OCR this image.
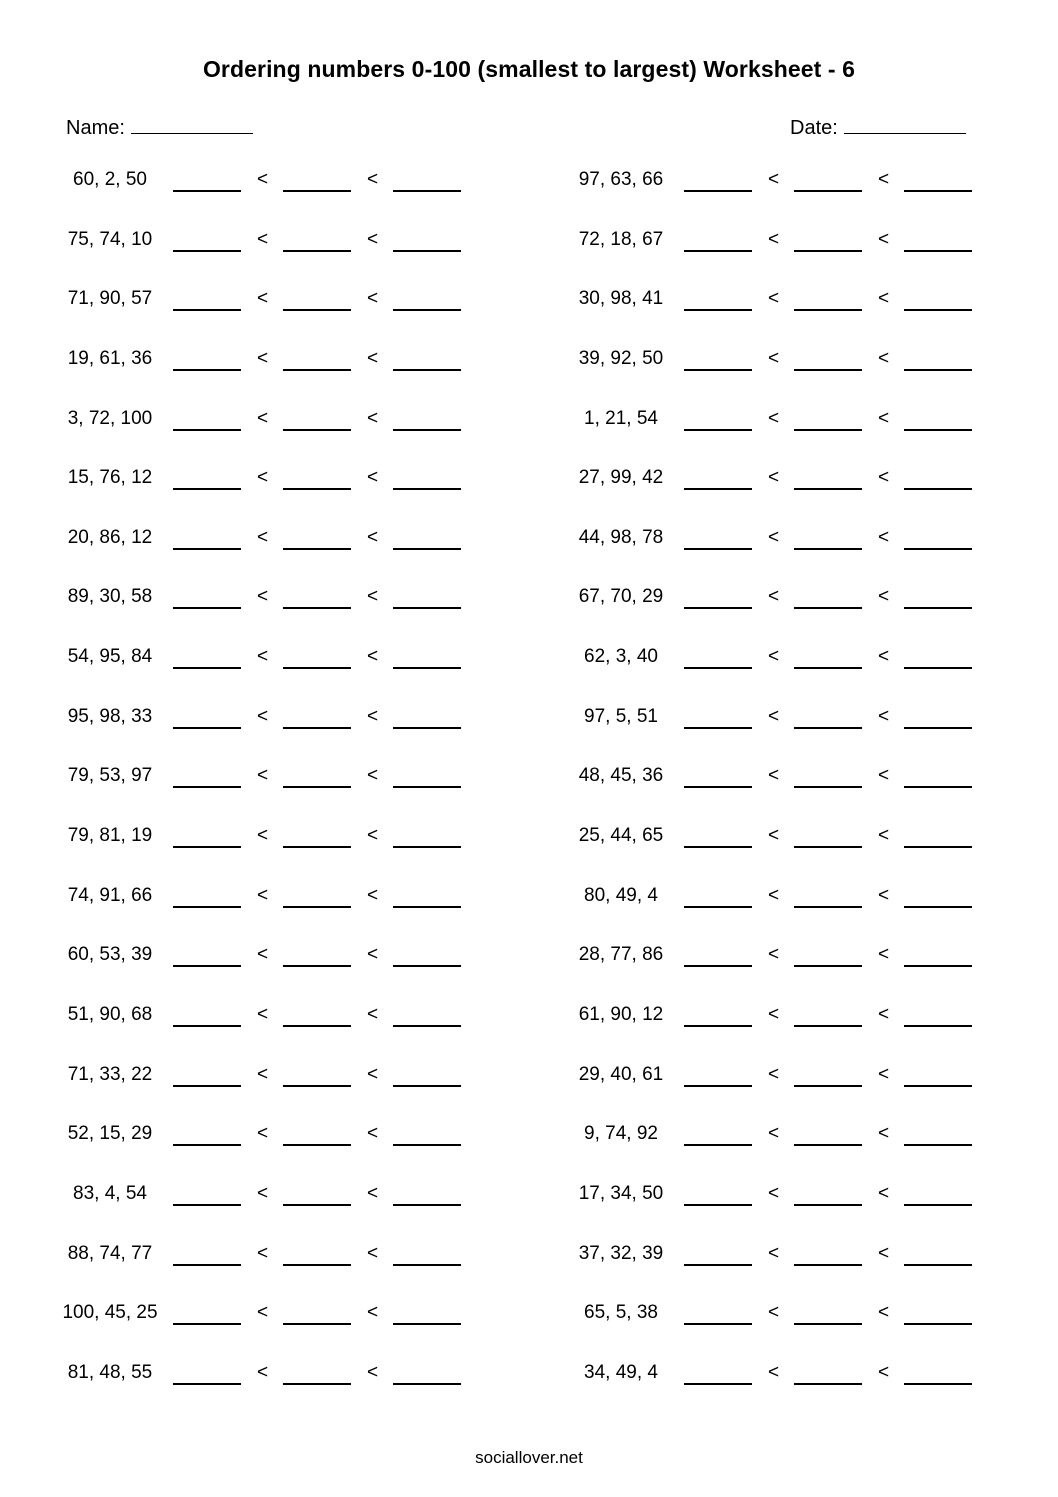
Ordering numbers 0-100 (smallest to largest) Worksheet - 6
Name:	Date:
60, 2, 50	<	<
75, 74, 10	<	<
71, 90, 57	<	<
19, 61, 36	<	<
3, 72, 100	<	<
15, 76, 12	<	<
20, 86, 12	<	<
89, 30, 58	<	<
54, 95, 84	<	<
95, 98, 33	<	<
79, 53, 97	<	<
79, 81, 19	<	<
74, 91, 66	<	<
60, 53, 39	<	<
51, 90, 68	<	<
71, 33, 22	<	<
52, 15, 29	<	<
83, 4, 54	<	<
88, 74, 77	<	<
100, 45, 25	<	<
81, 48, 55	<	<
97, 63, 66	<	<
72, 18, 67	<	<
30, 98, 41	<	<
39, 92, 50	<	<
1, 21, 54	<	<
27, 99, 42	<	<
44, 98, 78	<	<
67, 70, 29	<	<
62, 3, 40	<	<
97, 5, 51	<	<
48, 45, 36	<	<
25, 44, 65	<	<
80, 49, 4	<	<
28, 77, 86	<	<
61, 90, 12	<	<
29, 40, 61	<	<
9, 74, 92	<	<
17, 34, 50	<	<
37, 32, 39	<	<
65, 5, 38	<	<
34, 49, 4	<	<
sociallover.net
